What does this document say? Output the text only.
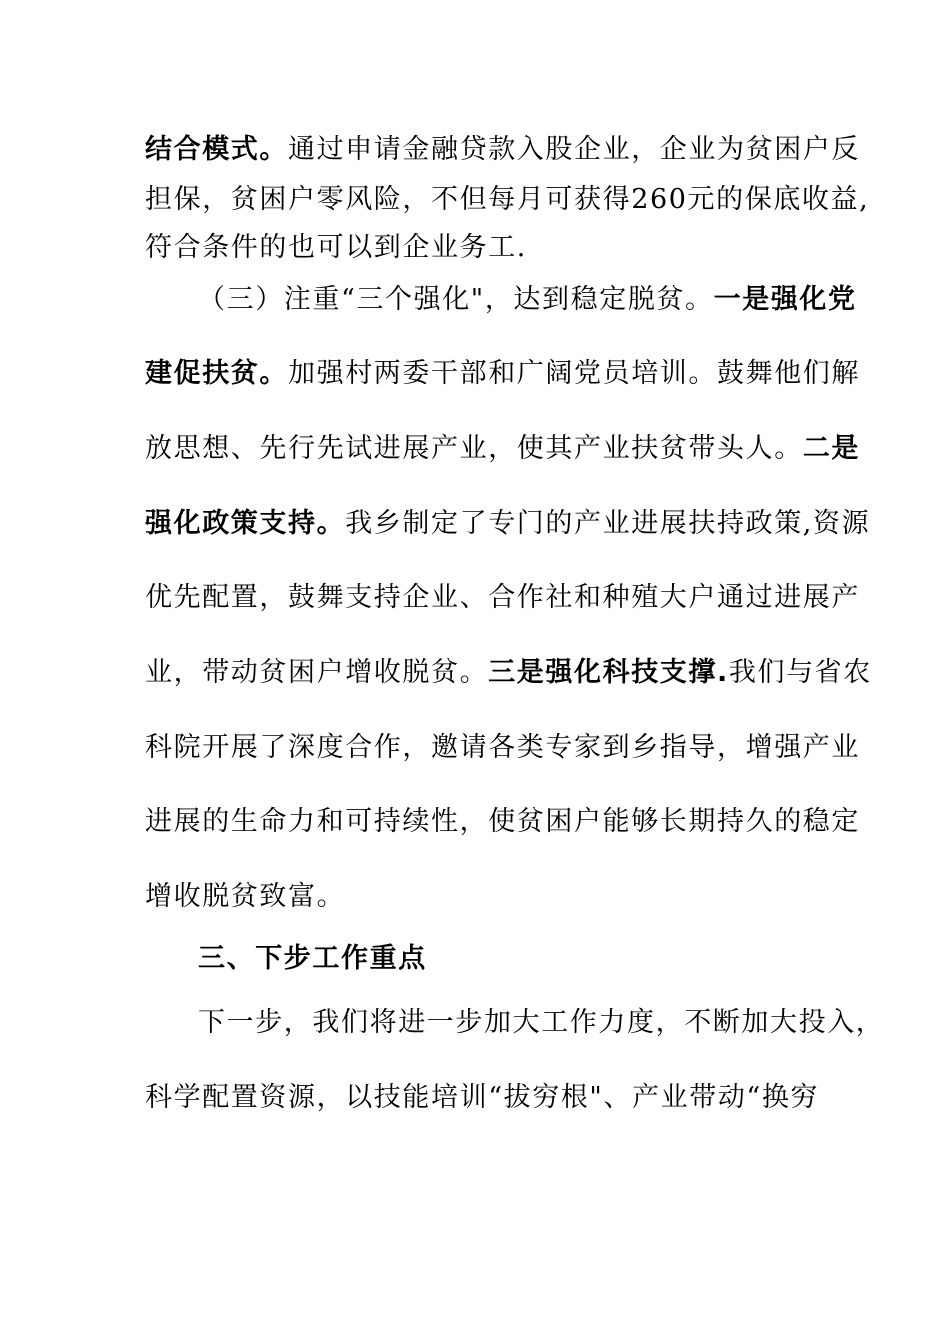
结合模式。通过申请金融贷款入股企业，企业为贫困户反
担保，贫困户零风险，不但每月可获得260元的保底收益,
符合条件的也可以到企业务工.
（三）注重“三个强化"，达到稳定脱贫。一是强化党
建促扶贫。加强村两委干部和广阔党员培训。鼓舞他们解
放思想、先行先试进展产业，使其产业扶贫带头人。二是
强化政策支持。我乡制定了专门的产业进展扶持政策,资源
优先配置，鼓舞支持企业、合作社和种殖大户通过进展产
业，带动贫困户增收脱贫。三是强化科技支撑.我们与省农
科院开展了深度合作，邀请各类专家到乡指导，增强产业
进展的生命力和可持续性，使贫困户能够长期持久的稳定
增收脱贫致富。
三、下步工作重点
下一步，我们将进一步加大工作力度，不断加大投入，
科学配置资源，以技能培训“拔穷根"、产业带动“换穷
